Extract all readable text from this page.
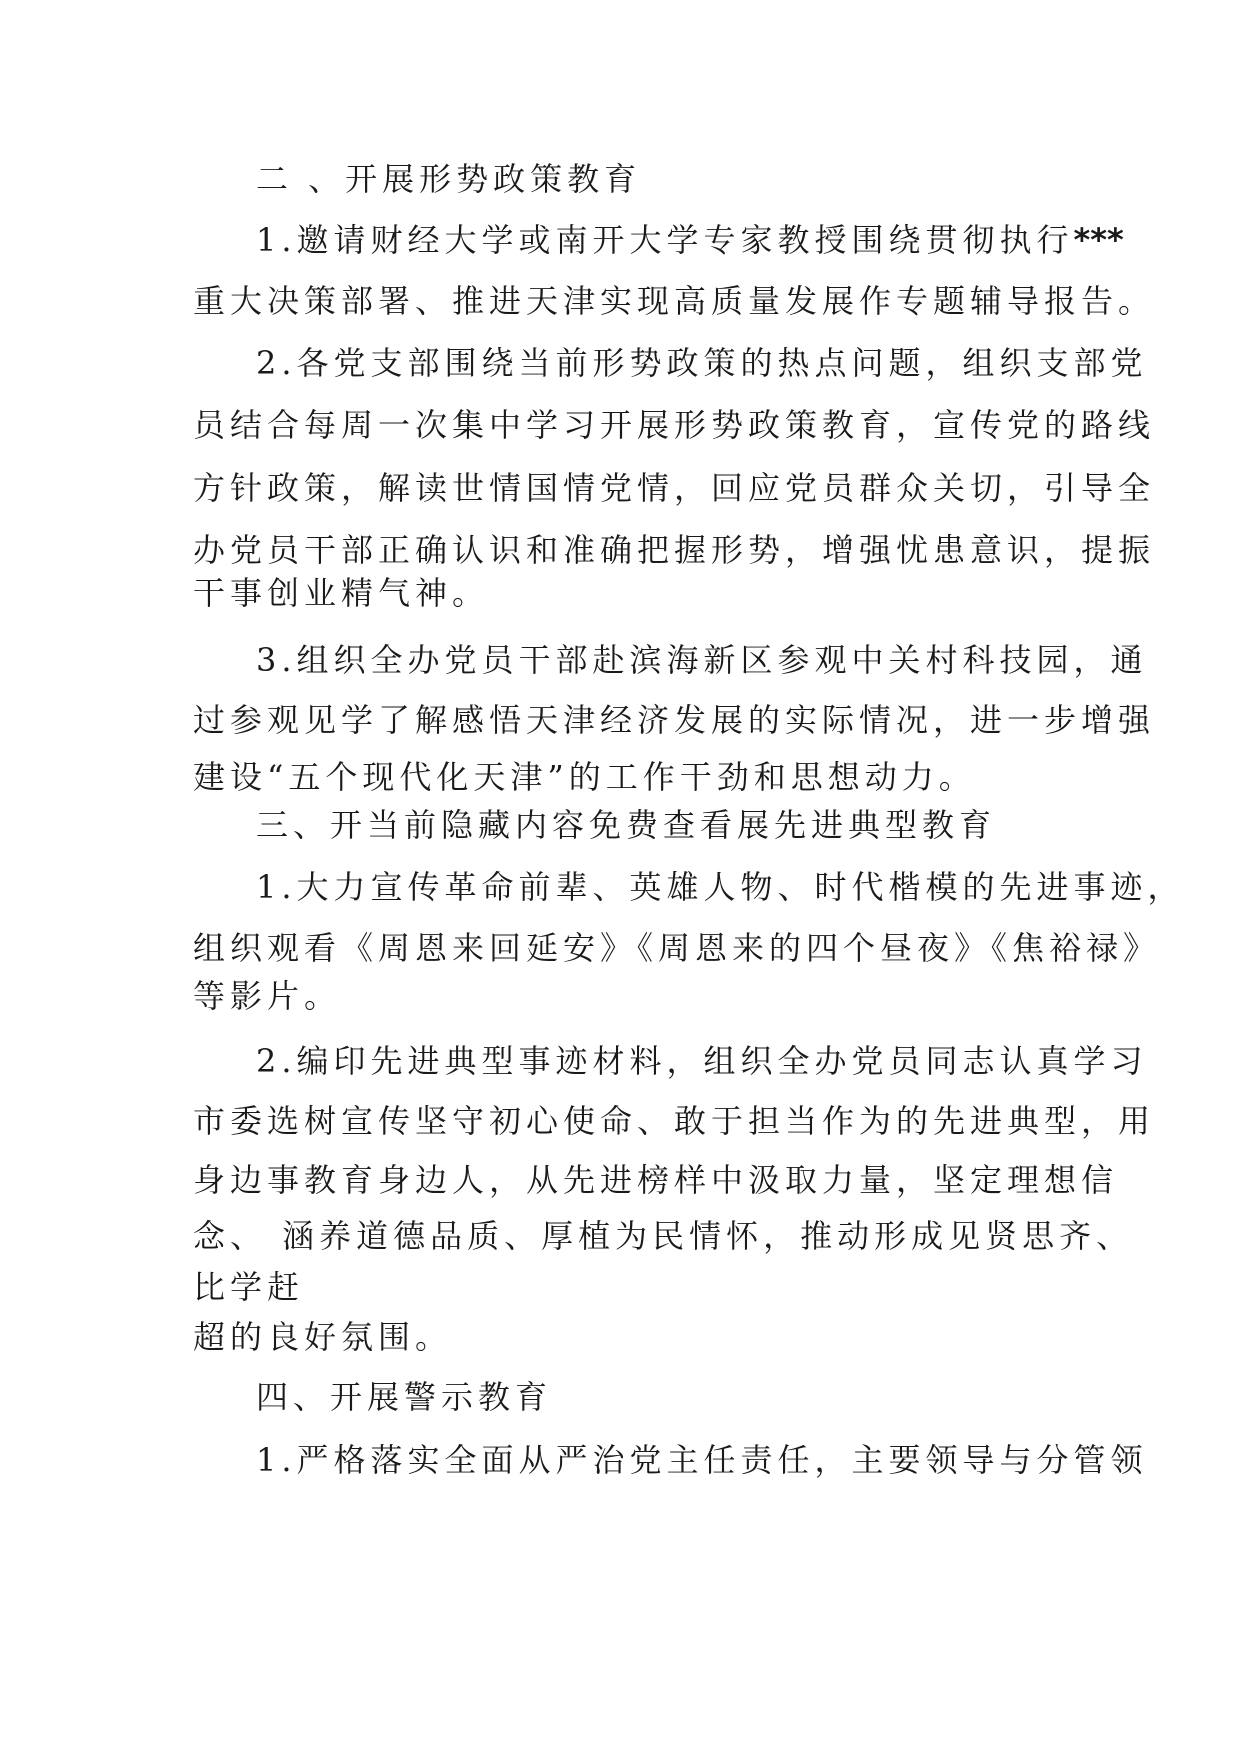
二 、开展形势政策教育
1.邀请财经大学或南开大学专家教授围绕贯彻执行***
重大决策部署、推进天津实现高质量发展作专题辅导报告。
2.各党支部围绕当前形势政策的热点问题，组织支部党
员结合每周一次集中学习开展形势政策教育，宣传党的路线
方针政策，解读世情国情党情，回应党员群众关切，引导全
办党员干部正确认识和准确把握形势，增强忧患意识，提振
干事创业精气神。
3.组织全办党员干部赴滨海新区参观中关村科技园，通
过参观见学了解感悟天津经济发展的实际情况，进一步增强
建设“五个现代化天津”的工作干劲和思想动力。
三、开当前隐藏内容免费查看展先进典型教育
1.大力宣传革命前辈、英雄人物、时代楷模的先进事迹，
组织观看《周恩来回延安》《周恩来的四个昼夜》《焦裕禄》
等影片。
2.编印先进典型事迹材料，组织全办党员同志认真学习
市委选树宣传坚守初心使命、敢于担当作为的先进典型，用
身边事教育身边人，从先进榜样中汲取力量，坚定理想信
念、 涵养道德品质、厚植为民情怀，推动形成见贤思齐、
比学赶
超的良好氛围。
四、开展警示教育
1.严格落实全面从严治党主任责任，主要领导与分管领
